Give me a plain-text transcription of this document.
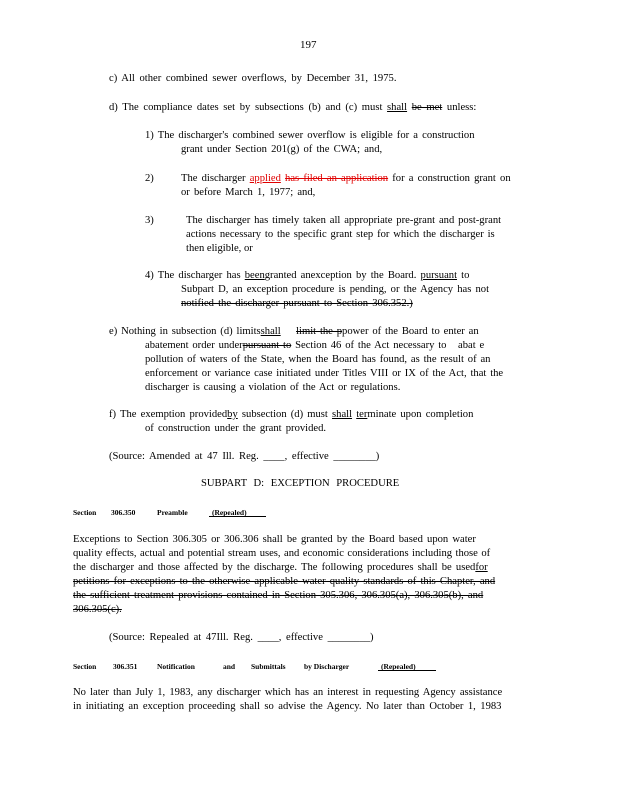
197
c) All other combined sewer overflows, by December 31, 1975.
d) The compliance dates set by subsections (b) and (c) must shall be met unless:
1) The discharger's combined sewer overflow is eligible for a construction
grant under Section 201(g) of the CWA; and,
2)	The discharger applied has filed an application for a construction grant on
or before March 1, 1977; and,
3)	The discharger has timely taken all appropriate pre-grant and post-grant
actions necessary to the specific grant step for which the discharger is
then eligible, or
4) The discharger has beengranted anexception by the Board. pursuant to
Subpart D, an exception procedure is pending, or the Agency has not
notified the discharger pursuant to Section 306.352.)
e) Nothing in subsection (d) limitsshall limit the ppower of the Board to enter an
abatement order underpursuant to Section 46 of the Act necessary to abat e
pollution of waters of the State, when the Board has found, as the result of an
enforcement or variance case initiated under Titles VIII or IX of the Act, that the
discharger is causing a violation of the Act or regulations.
f) The exemption providedby subsection (d) must shall terminate upon completion
of construction under the grant provided.
(Source: Amended at 47 Ill. Reg. ____, effective ________)
SUBPART D: EXCEPTION PROCEDURE
Section 306.350	Preamble	(Repealed)
Exceptions to Section 306.305 or 306.306 shall be granted by the Board based upon water
quality effects, actual and potential stream uses, and economic considerations including those of
the discharger and those affected by the discharge. The following procedures shall be usedfor
petitions for exceptions to the otherwise applicable water quality standards of this Chapter, and
the sufficient treatment provisions contained in Section 305.306, 306.305(a), 306.305(b), and
306.305(c).
(Source: Repealed at 47Ill. Reg. ____, effective ________)
Section 306.351	Notification	and Submittals by Discharger	(Repealed)
No later than July 1, 1983, any discharger which has an interest in requesting Agency assistance
in initiating an exception proceeding shall so advise the Agency. No later than October 1, 1983
